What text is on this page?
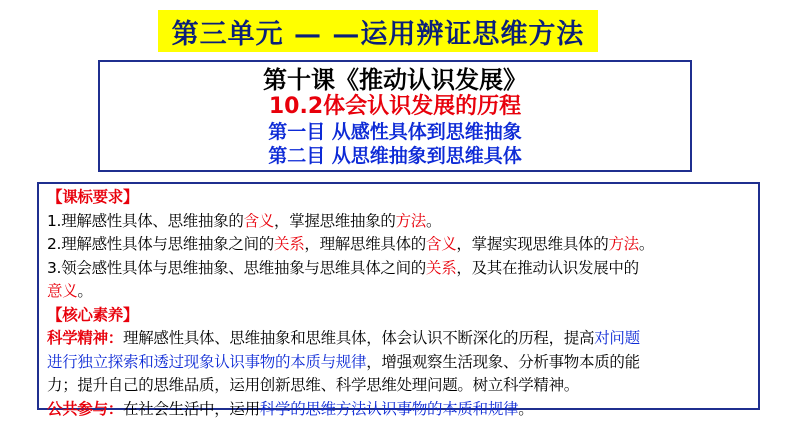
第三单元 — —运用辨证思维方法
第十课《推动认识发展》
10.2体会认识发展的历程
第一目 从感性具体到思维抽象
第二目 从思维抽象到思维具体
【课标要求】
1.理解感性具体、思维抽象的含义，掌握思维抽象的方法。
2.理解感性具体与思维抽象之间的关系，理解思维具体的含义，掌握实现思维具体的方法。
3.领会感性具体与思维抽象、思维抽象与思维具体之间的关系，及其在推动认识发展中的
意义。
【核心素养】
科学精神：理解感性具体、思维抽象和思维具体，体会认识不断深化的历程，提高对问题
进行独立探索和透过现象认识事物的本质与规律，增强观察生活现象、分析事物本质的能
力；提升自己的思维品质，运用创新思维、科学思维处理问题。树立科学精神。
公共参与：在社会生活中，运用科学的思维方法认识事物的本质和规律。
